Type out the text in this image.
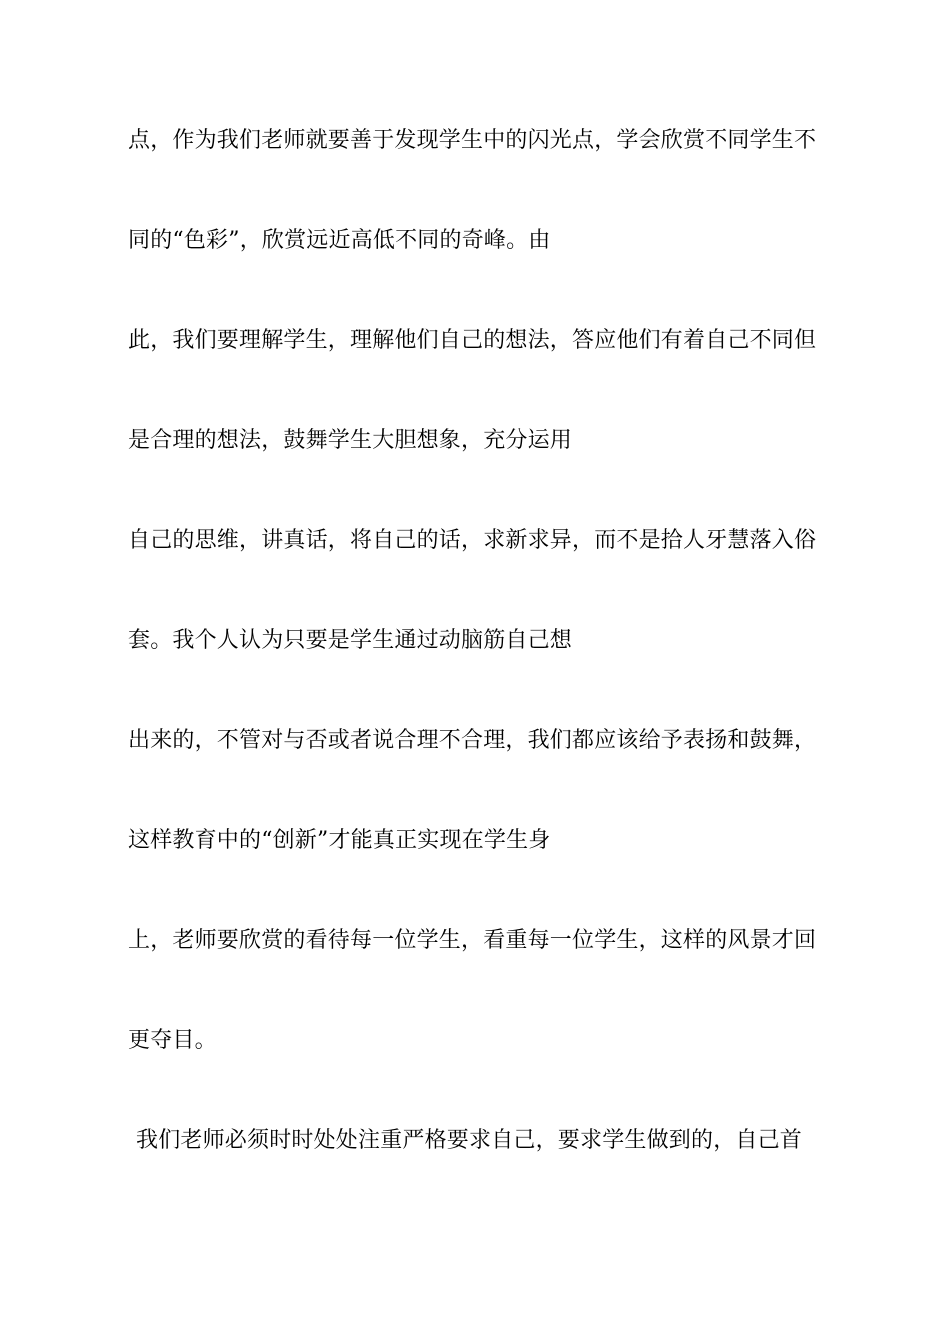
点，作为我们老师就要善于发现学生中的闪光点，学会欣赏不同学生不
同的“色彩”，欣赏远近高低不同的奇峰。由
此，我们要理解学生，理解他们自己的想法，答应他们有着自己不同但
是合理的想法，鼓舞学生大胆想象，充分运用
自己的思维，讲真话，将自己的话，求新求异，而不是拾人牙慧落入俗
套。我个人认为只要是学生通过动脑筋自己想
出来的，不管对与否或者说合理不合理，我们都应该给予表扬和鼓舞，
这样教育中的“创新”才能真正实现在学生身
上，老师要欣赏的看待每一位学生，看重每一位学生，这样的风景才回
更夺目。
我们老师必须时时处处注重严格要求自己，要求学生做到的，自己首
